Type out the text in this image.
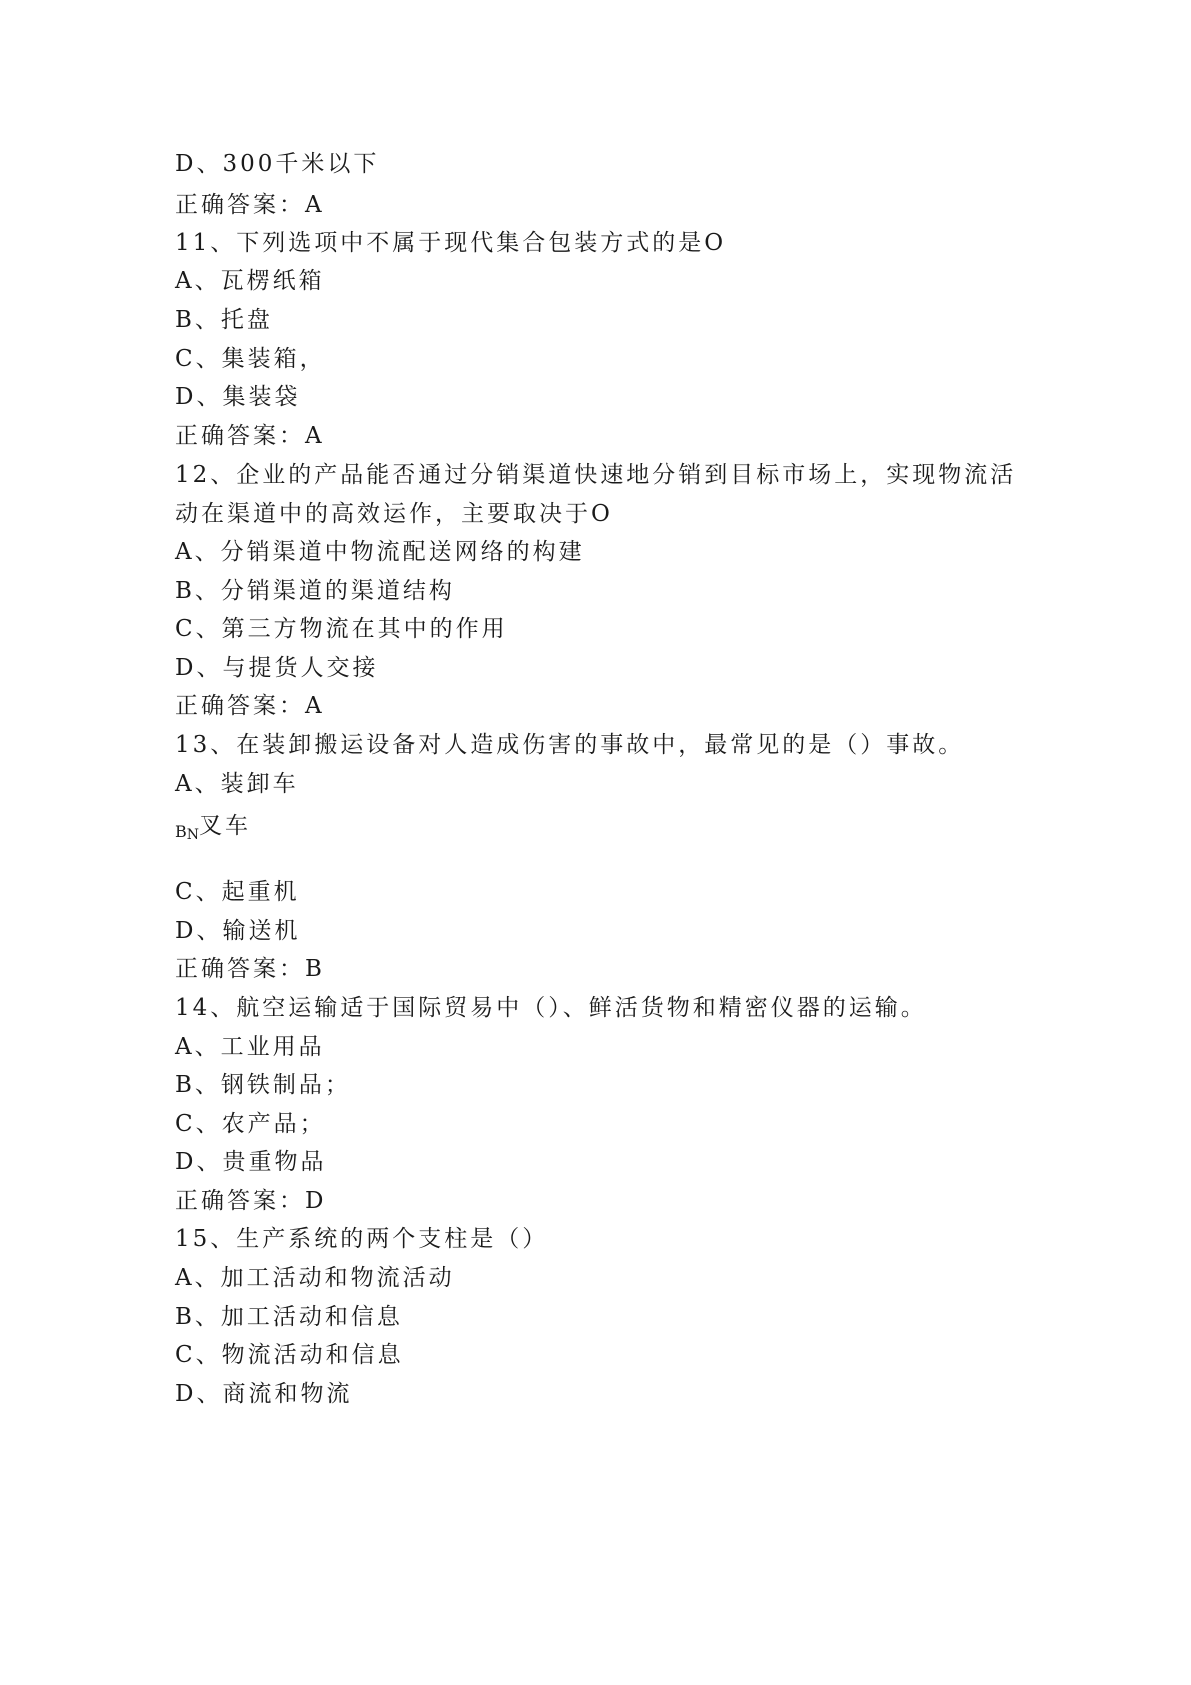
D、300千米以下
正确答案：A
11、下列选项中不属于现代集合包装方式的是O
A、瓦楞纸箱
B、托盘
C、集装箱，
D、集装袋
正确答案：A
12、企业的产品能否通过分销渠道快速地分销到目标市场上，实现物流活
动在渠道中的高效运作，主要取决于O
A、分销渠道中物流配送网络的构建
B、分销渠道的渠道结构
C、第三方物流在其中的作用
D、与提货人交接
正确答案：A
13、在装卸搬运设备对人造成伤害的事故中，最常见的是（）事故。
A、装卸车
$B_N$叉车
C、起重机
D、输送机
正确答案：B
14、航空运输适于国际贸易中（）、鲜活货物和精密仪器的运输。
A、工业用品
B、钢铁制品；
C、农产品；
D、贵重物品
正确答案：D
15、生产系统的两个支柱是（）
A、加工活动和物流活动
B、加工活动和信息
C、物流活动和信息
D、商流和物流
